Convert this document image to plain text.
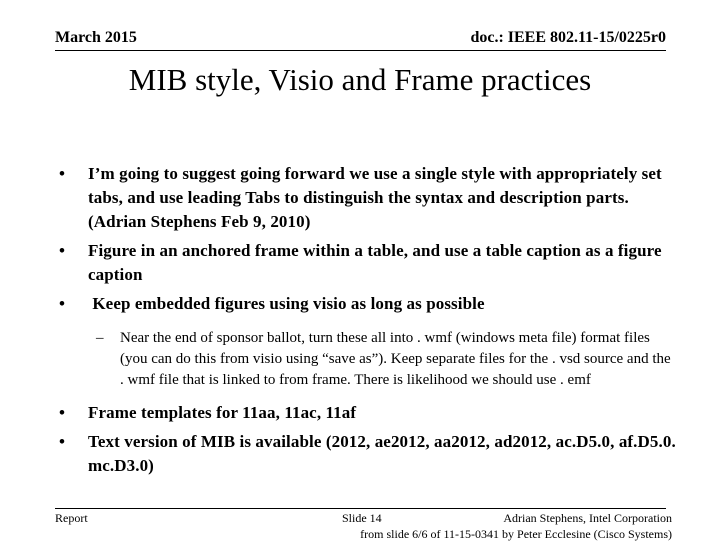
March 2015	doc.: IEEE 802.11-15/0225r0
MIB style, Visio and Frame practices
• I’m going to suggest going forward we use a single style with appropriately set tabs, and use leading Tabs to distinguish the syntax and description parts. (Adrian Stephens Feb 9, 2010)
• Figure in an anchored frame within a table, and use a table caption as a figure caption
• Keep embedded figures using visio as long as possible
– Near the end of sponsor ballot, turn these all into . wmf (windows meta file) format files (you can do this from visio using “save as”). Keep separate files for the . vsd source and the . wmf file that is linked to from frame. There is likelihood we should use . emf
• Frame templates for 11aa, 11ac, 11af
• Text version of MIB is available (2012, ae2012, aa2012, ad2012, ac.D5.0, af.D5.0. mc.D3.0)
Report	Slide 14	Adrian Stephens, Intel Corporation
from slide 6/6 of 11-15-0341 by Peter Ecclesine (Cisco Systems)
